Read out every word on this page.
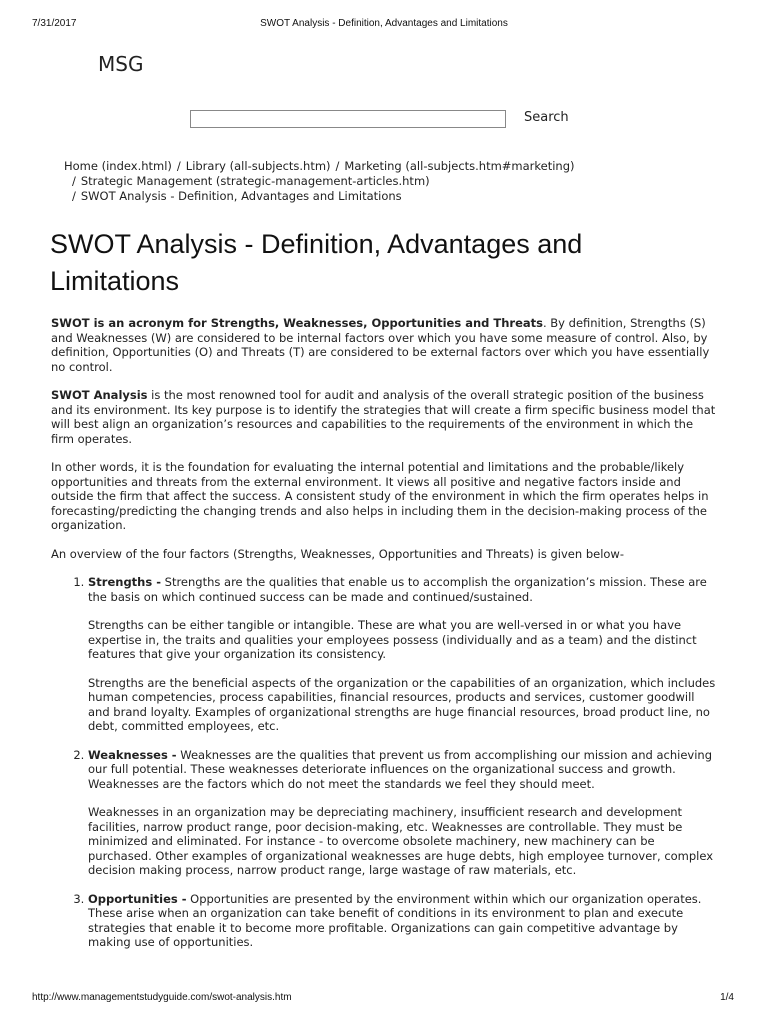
7/31/2017	SWOT Analysis - Definition, Advantages and Limitations
MSG
Search
Home (index.html) / Library (all-subjects.htm) / Marketing (all-subjects.htm#marketing)
/ Strategic Management (strategic-management-articles.htm)
/ SWOT Analysis - Definition, Advantages and Limitations
SWOT Analysis - Definition, Advantages and Limitations

SWOT is an acronym for Strengths, Weaknesses, Opportunities and Threats. By definition, Strengths (S) and Weaknesses (W) are considered to be internal factors over which you have some measure of control. Also, by definition, Opportunities (O) and Threats (T) are considered to be external factors over which you have essentially no control.

SWOT Analysis is the most renowned tool for audit and analysis of the overall strategic position of the business and its environment. Its key purpose is to identify the strategies that will create a firm specific business model that will best align an organization’s resources and capabilities to the requirements of the environment in which the firm operates.

In other words, it is the foundation for evaluating the internal potential and limitations and the probable/likely opportunities and threats from the external environment. It views all positive and negative factors inside and outside the firm that affect the success. A consistent study of the environment in which the firm operates helps in forecasting/predicting the changing trends and also helps in including them in the decision-making process of the organization.

An overview of the four factors (Strengths, Weaknesses, Opportunities and Threats) is given below-

1. Strengths - Strengths are the qualities that enable us to accomplish the organization’s mission. These are the basis on which continued success can be made and continued/sustained.

Strengths can be either tangible or intangible. These are what you are well-versed in or what you have expertise in, the traits and qualities your employees possess (individually and as a team) and the distinct features that give your organization its consistency.

Strengths are the beneficial aspects of the organization or the capabilities of an organization, which includes human competencies, process capabilities, financial resources, products and services, customer goodwill and brand loyalty. Examples of organizational strengths are huge financial resources, broad product line, no debt, committed employees, etc.

2. Weaknesses - Weaknesses are the qualities that prevent us from accomplishing our mission and achieving our full potential. These weaknesses deteriorate influences on the organizational success and growth. Weaknesses are the factors which do not meet the standards we feel they should meet.

Weaknesses in an organization may be depreciating machinery, insufficient research and development facilities, narrow product range, poor decision-making, etc. Weaknesses are controllable. They must be minimized and eliminated. For instance - to overcome obsolete machinery, new machinery can be purchased. Other examples of organizational weaknesses are huge debts, high employee turnover, complex decision making process, narrow product range, large wastage of raw materials, etc.

3. Opportunities - Opportunities are presented by the environment within which our organization operates. These arise when an organization can take benefit of conditions in its environment to plan and execute strategies that enable it to become more profitable. Organizations can gain competitive advantage by making use of opportunities.

http://www.managementstudyguide.com/swot-analysis.htm	1/4
